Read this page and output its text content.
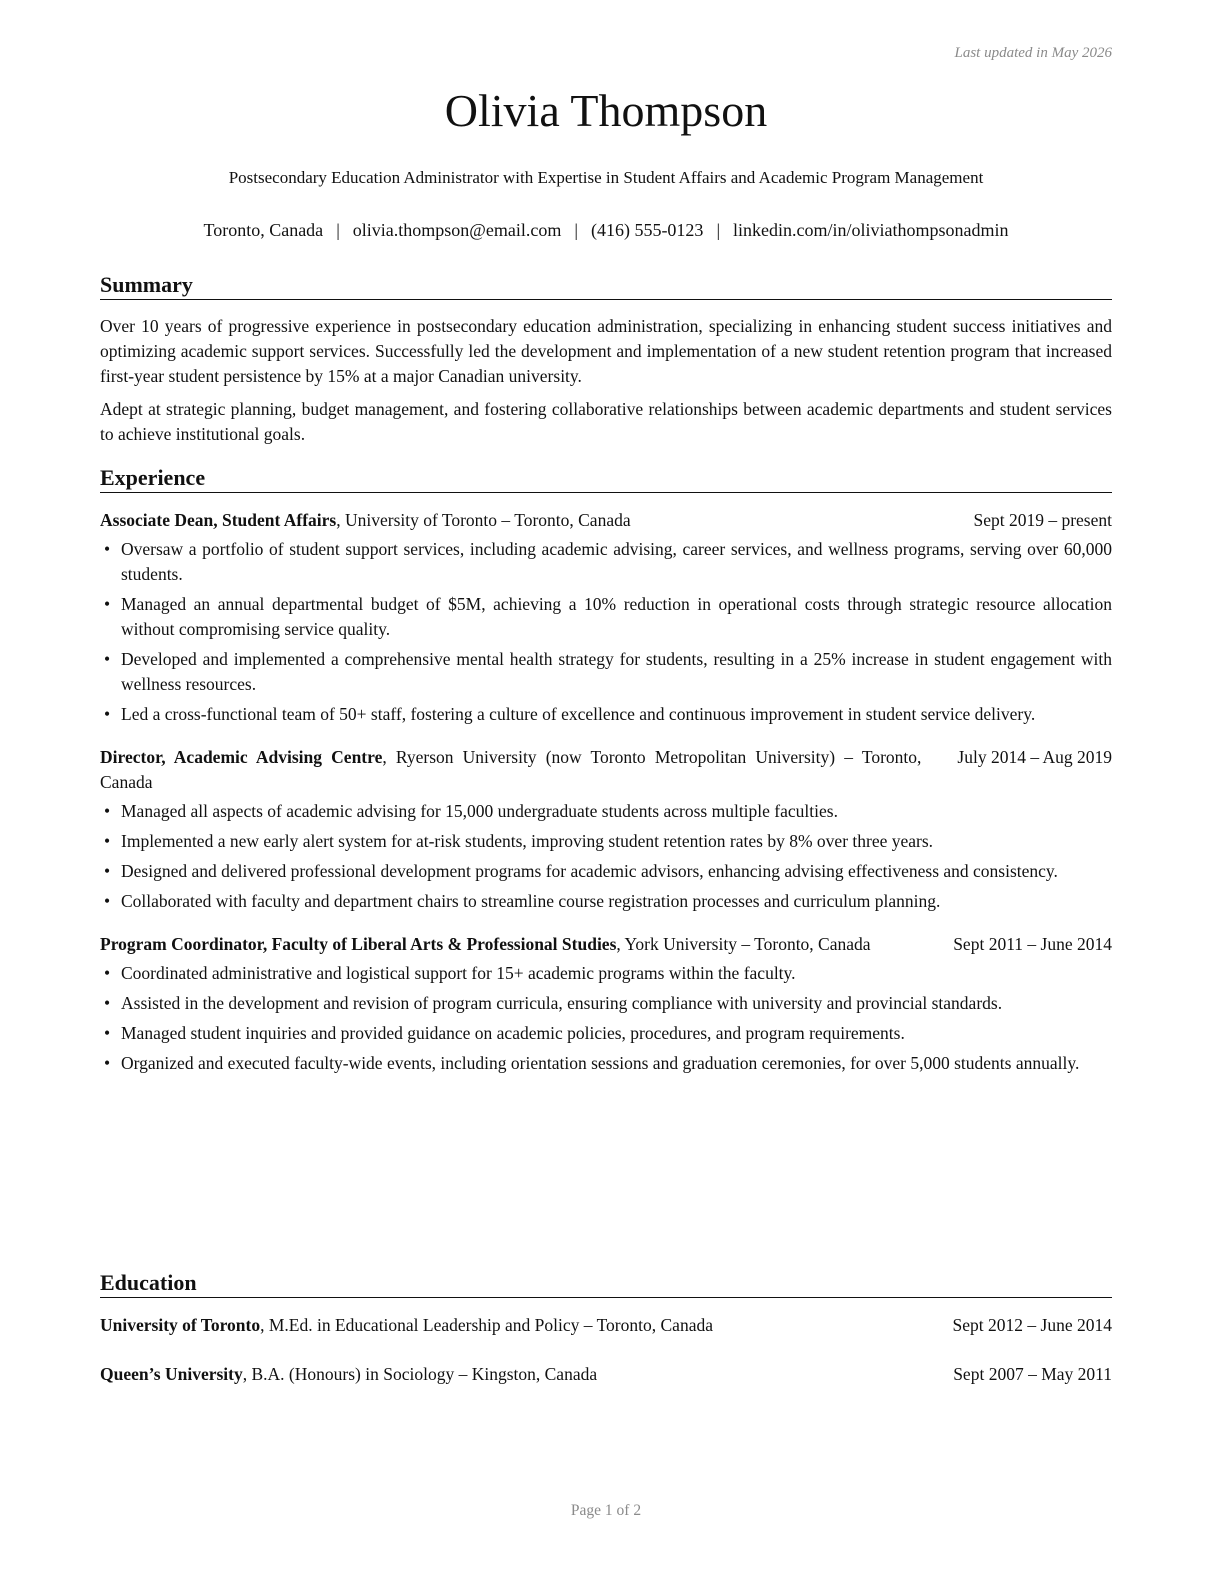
Last updated in May 2026
Olivia Thompson
Postsecondary Education Administrator with Expertise in Student Affairs and Academic Program Management
Toronto, Canada | olivia.thompson@email.com | (416) 555-0123 | linkedin.com/in/oliviathompsonadmin
Summary

Over 10 years of progressive experience in postsecondary education administration, specializing in enhancing student success initiatives and optimizing academic support services. Successfully led the development and implementation of a new student retention program that increased first-year student persistence by 15% at a major Canadian university.

Adept at strategic planning, budget management, and fostering collaborative relationships between academic departments and student services to achieve institutional goals.

Experience
Associate Dean, Student Affairs, University of Toronto – Toronto, Canada	Sept 2019 – present
• Oversaw a portfolio of student support services, including academic advising, career services, and wellness programs, serving over 60,000 students.
• Managed an annual departmental budget of $5M, achieving a 10% reduction in operational costs through strategic resource allocation without compromising service quality.
• Developed and implemented a comprehensive mental health strategy for students, resulting in a 25% increase in student engagement with wellness resources.
• Led a cross-functional team of 50+ staff, fostering a culture of excellence and continuous improvement in student service delivery.
Director, Academic Advising Centre, Ryerson University (now Toronto Metropolitan University) – Toronto, Canada
July 2014 – Aug 2019
• Managed all aspects of academic advising for 15,000 undergraduate students across multiple faculties.
• Implemented a new early alert system for at-risk students, improving student retention rates by 8% over three years.
• Designed and delivered professional development programs for academic advisors, enhancing advising effectiveness and consistency.
• Collaborated with faculty and department chairs to streamline course registration processes and curriculum planning.
Program Coordinator, Faculty of Liberal Arts & Professional Studies, York University – Toronto, Canada	Sept 2011 – June 2014
• Coordinated administrative and logistical support for 15+ academic programs within the faculty.
• Assisted in the development and revision of program curricula, ensuring compliance with university and provincial standards.
• Managed student inquiries and provided guidance on academic policies, procedures, and program requirements.
• Organized and executed faculty-wide events, including orientation sessions and graduation ceremonies, for over 5,000 students annually.
Education
University of Toronto, M.Ed. in Educational Leadership and Policy – Toronto, Canada	Sept 2012 – June 2014
Queen’s University, B.A. (Honours) in Sociology – Kingston, Canada	Sept 2007 – May 2011
Page 1 of 2
